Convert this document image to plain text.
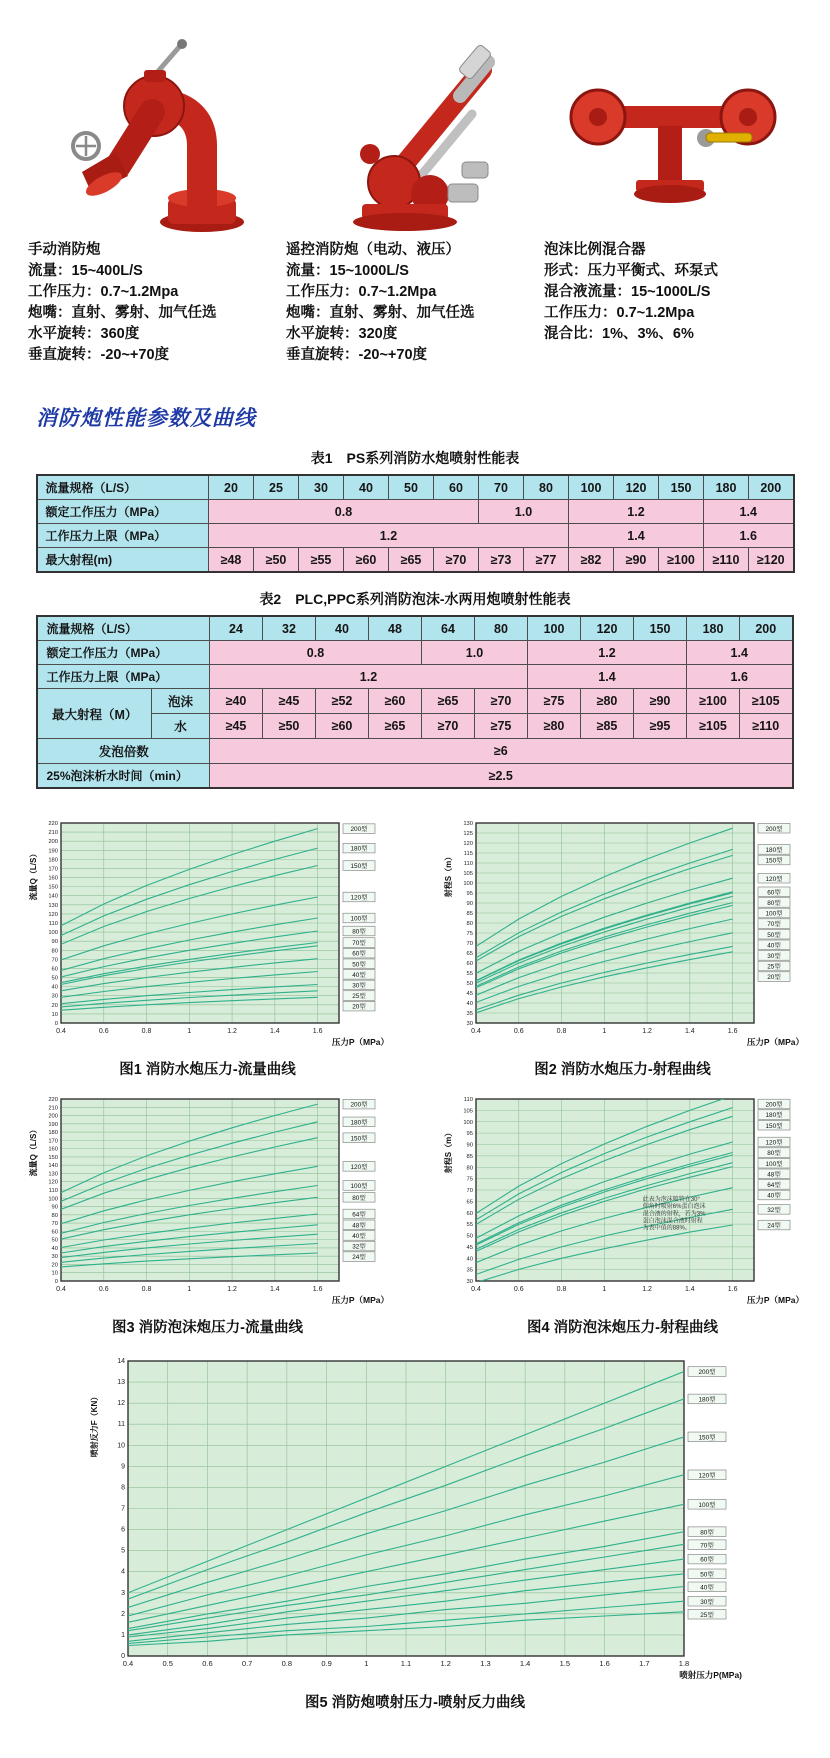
手动消防炮
流量：15~400L/S
工作压力：0.7~1.2Mpa
炮嘴：直射、雾射、加气任选
水平旋转：360度
垂直旋转：-20~+70度
遥控消防炮（电动、液压）
流量：15~1000L/S
工作压力：0.7~1.2Mpa
炮嘴：直射、雾射、加气任选
水平旋转：320度
垂直旋转：-20~+70度
泡沫比例混合器
形式：压力平衡式、环泵式
混合液流量：15~1000L/S
工作压力：0.7~1.2Mpa
混合比：1%、3%、6%
消防炮性能参数及曲线
表1　PS系列消防水炮喷射性能表
流量规格（L/S）	20	25	30	40	50	60	70	80	100	120	150	180	200
额定工作压力（MPa）	0.8						1.0		1.2			1.4	
工作压力上限（MPa）	1.2								1.4			1.6	
最大射程(m)	≥48	≥50	≥55	≥60	≥65	≥70	≥73	≥77	≥82	≥90	≥100	≥110	≥120
表2　PLC,PPC系列消防泡沫-水两用炮喷射性能表
流量规格（L/S）		24	32	40	48	64	80	100	120	150	180	200
额定工作压力（MPa）		0.8				1.0		1.2			1.4	
工作压力上限（MPa）		1.2						1.4			1.6	
最大射程（M）	泡沫	≥40	≥45	≥52	≥60	≥65	≥70	≥75	≥80	≥90	≥100	≥105
	水	≥45	≥50	≥60	≥65	≥70	≥75	≥80	≥85	≥95	≥105	≥110
发泡倍数		≥6										
25%泡沫析水时间（min）		≥2.5										
0
10
20
30
40
50
60
70
80
90
100
110
120
130
140
150
160
170
180
190
200
210
220
0.4	0.6	0.8	1	1.2	1.4	1.6
200型
180型
150型
120型
100型
80型
70型
60型
50型
40型
30型
25型
20型
流量Q（L/S）
压力P（MPa）
图1 消防水炮压力-流量曲线
30
35
40
45
50
55
60
65
70
75
80
85
90
95
100
105
110
115
120
125
130
0.4	0.6	0.8	1	1.2	1.4	1.6
200型
180型
150型
120型
60型
80型
100型
70型
50型
40型
30型
25型
20型
射程S（m）
压力P（MPa）
图2 消防水炮压力-射程曲线
0
10
20
30
40
50
60
70
80
90
100
110
120
130
140
150
160
170
180
190
200
210
220
0.4	0.6	0.8	1	1.2	1.4	1.6
200型
180型
150型
120型
100型
80型
64型
48型
40型
32型
24型
流量Q（L/S）
压力P（MPa）
图3 消防泡沫炮压力-流量曲线
30
35
40
45
50
55
60
65
70
75
80
85
90
95
100
105
110
0.4	0.6	0.8	1	1.2	1.4	1.6
200型
180型
150型
120型
80型
100型
48型
64型
40型
32型
24型
射程S（m）
压力P（MPa）
此表为泡沫喷管在30°仰角时喷射6%蛋白泡沫混合液的射程，若为3%蛋白泡沫混合液时射程为表中值的88%。
图4 消防泡沫炮压力-射程曲线
0
1
2
3
4
5
6
7
8
9
10
11
12
13
14
0.4	0.5	0.6	0.7	0.8	0.9	1	1.1	1.2	1.3	1.4	1.5	1.6	1.7	1.8
200型
180型
150型
120型
100型
80型
70型
60型
50型
40型
30型
25型
喷射反力F（KN）
喷射压力P(MPa)
图5 消防炮喷射压力-喷射反力曲线
